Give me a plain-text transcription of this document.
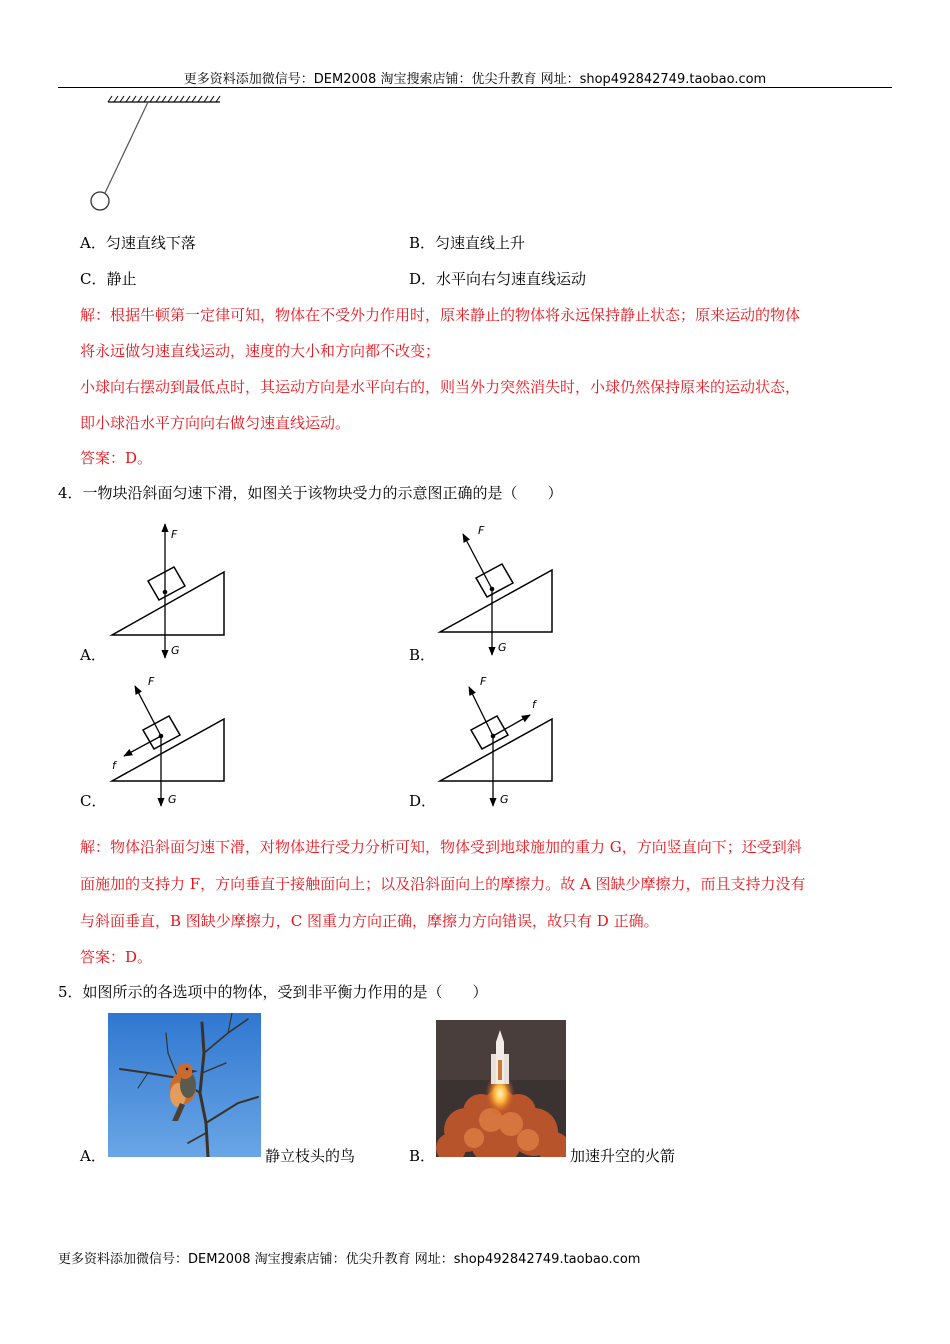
更多资料添加微信号：DEM2008 淘宝搜索店铺：优尖升教育 网址：shop492842749.taobao.com
A．匀速直线下落	B．匀速直线上升
C．静止	D．水平向右匀速直线运动
解：根据牛顿第一定律可知，物体在不受外力作用时，原来静止的物体将永远保持静止状态；原来运动的物体
将永远做匀速直线运动，速度的大小和方向都不改变；
小球向右摆动到最低点时，其运动方向是水平向右的，则当外力突然消失时，小球仍然保持原来的运动状态，
即小球沿水平方向向右做匀速直线运动。
答案：D。
4．一物块沿斜面匀速下滑，如图关于该物块受力的示意图正确的是（　　）
F
G
A．
F
G
B．
F
f
G
C．
F
f
G
D．
解：物体沿斜面匀速下滑，对物体进行受力分析可知，物体受到地球施加的重力 G，方向竖直向下；还受到斜
面施加的支持力 F，方向垂直于接触面向上；以及沿斜面向上的摩擦力。故 A 图缺少摩擦力，而且支持力没有
与斜面垂直，B 图缺少摩擦力，C 图重力方向正确，摩擦力方向错误，故只有 D 正确。
答案：D。
5．如图所示的各选项中的物体，受到非平衡力作用的是（　　）
A．	静立枝头的鸟	B．	加速升空的火箭
更多资料添加微信号：DEM2008 淘宝搜索店铺：优尖升教育 网址：shop492842749.taobao.com
